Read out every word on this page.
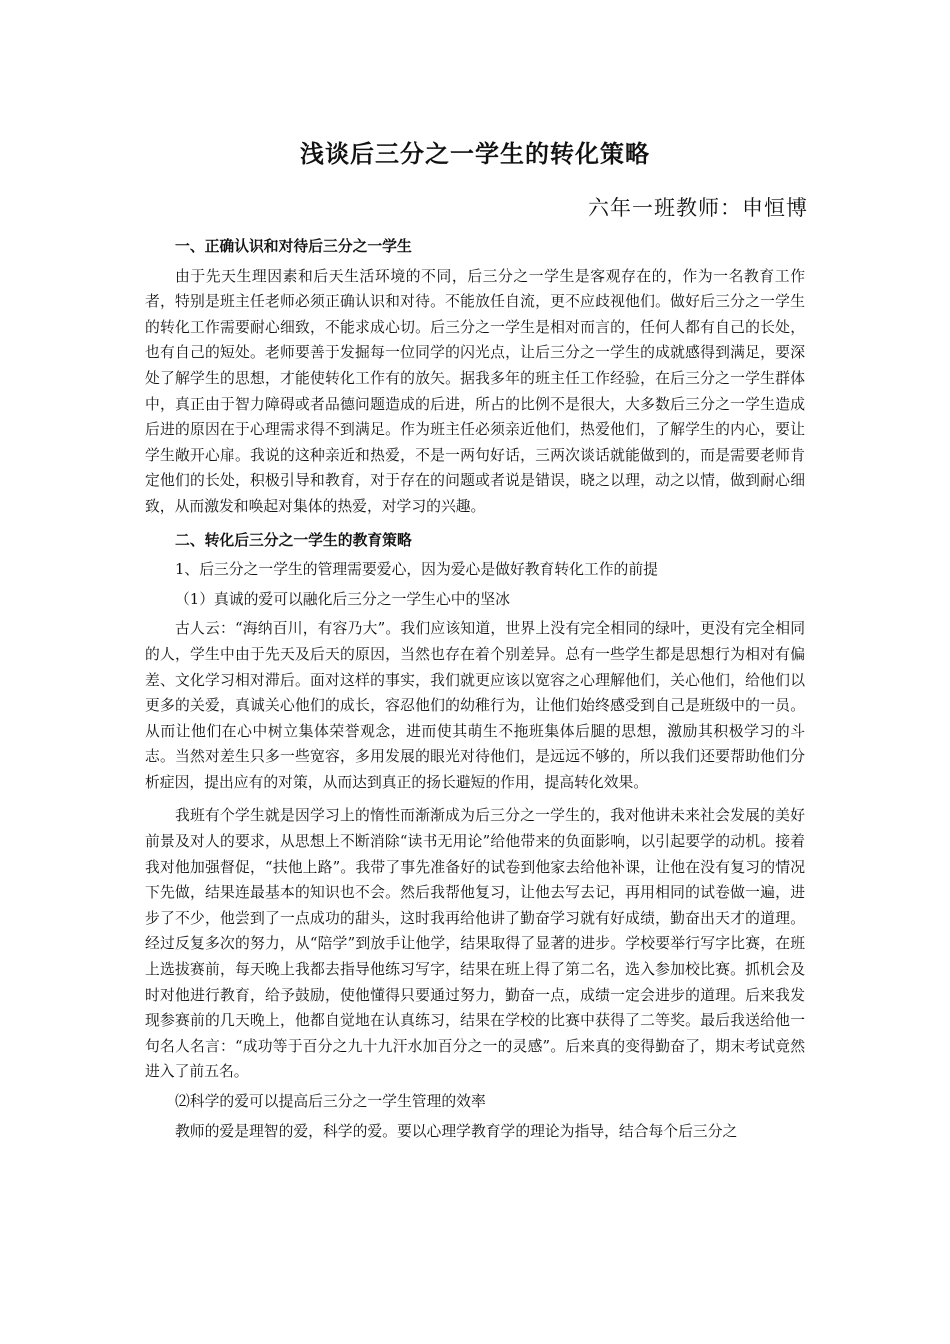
浅谈后三分之一学生的转化策略
六年一班教师：申恒博

一、正确认识和对待后三分之一学生

由于先天生理因素和后天生活环境的不同，后三分之一学生是客观存在的，作为一名教育工作者，特别是班主任老师必须正确认识和对待。不能放任自流，更不应歧视他们。做好后三分之一学生的转化工作需要耐心细致，不能求成心切。后三分之一学生是相对而言的，任何人都有自己的长处，也有自己的短处。老师要善于发掘每一位同学的闪光点，让后三分之一学生的成就感得到满足，要深处了解学生的思想，才能使转化工作有的放矢。据我多年的班主任工作经验，在后三分之一学生群体中，真正由于智力障碍或者品德问题造成的后进，所占的比例不是很大，大多数后三分之一学生造成后进的原因在于心理需求得不到满足。作为班主任必须亲近他们，热爱他们，了解学生的内心，要让学生敞开心扉。我说的这种亲近和热爱，不是一两句好话，三两次谈话就能做到的，而是需要老师肯定他们的长处，积极引导和教育，对于存在的问题或者说是错误，晓之以理，动之以情，做到耐心细致，从而激发和唤起对集体的热爱，对学习的兴趣。

二、转化后三分之一学生的教育策略

1、后三分之一学生的管理需要爱心，因为爱心是做好教育转化工作的前提

（1）真诚的爱可以融化后三分之一学生心中的坚冰

古人云：“海纳百川，有容乃大”。我们应该知道，世界上没有完全相同的绿叶，更没有完全相同的人，学生中由于先天及后天的原因，当然也存在着个别差异。总有一些学生都是思想行为相对有偏差、文化学习相对滞后。面对这样的事实，我们就更应该以宽容之心理解他们，关心他们，给他们以更多的关爱，真诚关心他们的成长，容忍他们的幼稚行为，让他们始终感受到自己是班级中的一员。从而让他们在心中树立集体荣誉观念，进而使其萌生不拖班集体后腿的思想，激励其积极学习的斗志。当然对差生只多一些宽容，多用发展的眼光对待他们，是远远不够的，所以我们还要帮助他们分析症因，提出应有的对策，从而达到真正的扬长避短的作用，提高转化效果。

我班有个学生就是因学习上的惰性而渐渐成为后三分之一学生的，我对他讲未来社会发展的美好前景及对人的要求，从思想上不断消除“读书无用论”给他带来的负面影响，以引起要学的动机。接着我对他加强督促，“扶他上路”。我带了事先准备好的试卷到他家去给他补课，让他在没有复习的情况下先做，结果连最基本的知识也不会。然后我帮他复习，让他去写去记，再用相同的试卷做一遍，进步了不少，他尝到了一点成功的甜头，这时我再给他讲了勤奋学习就有好成绩，勤奋出天才的道理。经过反复多次的努力，从“陪学”到放手让他学，结果取得了显著的进步。学校要举行写字比赛，在班上选拔赛前，每天晚上我都去指导他练习写字，结果在班上得了第二名，选入参加校比赛。抓机会及时对他进行教育，给予鼓励，使他懂得只要通过努力，勤奋一点，成绩一定会进步的道理。后来我发现参赛前的几天晚上，他都自觉地在认真练习，结果在学校的比赛中获得了二等奖。最后我送给他一句名人名言：“成功等于百分之九十九汗水加百分之一的灵感”。后来真的变得勤奋了，期末考试竟然进入了前五名。

⑵科学的爱可以提高后三分之一学生管理的效率

教师的爱是理智的爱，科学的爱。要以心理学教育学的理论为指导，结合每个后三分之
